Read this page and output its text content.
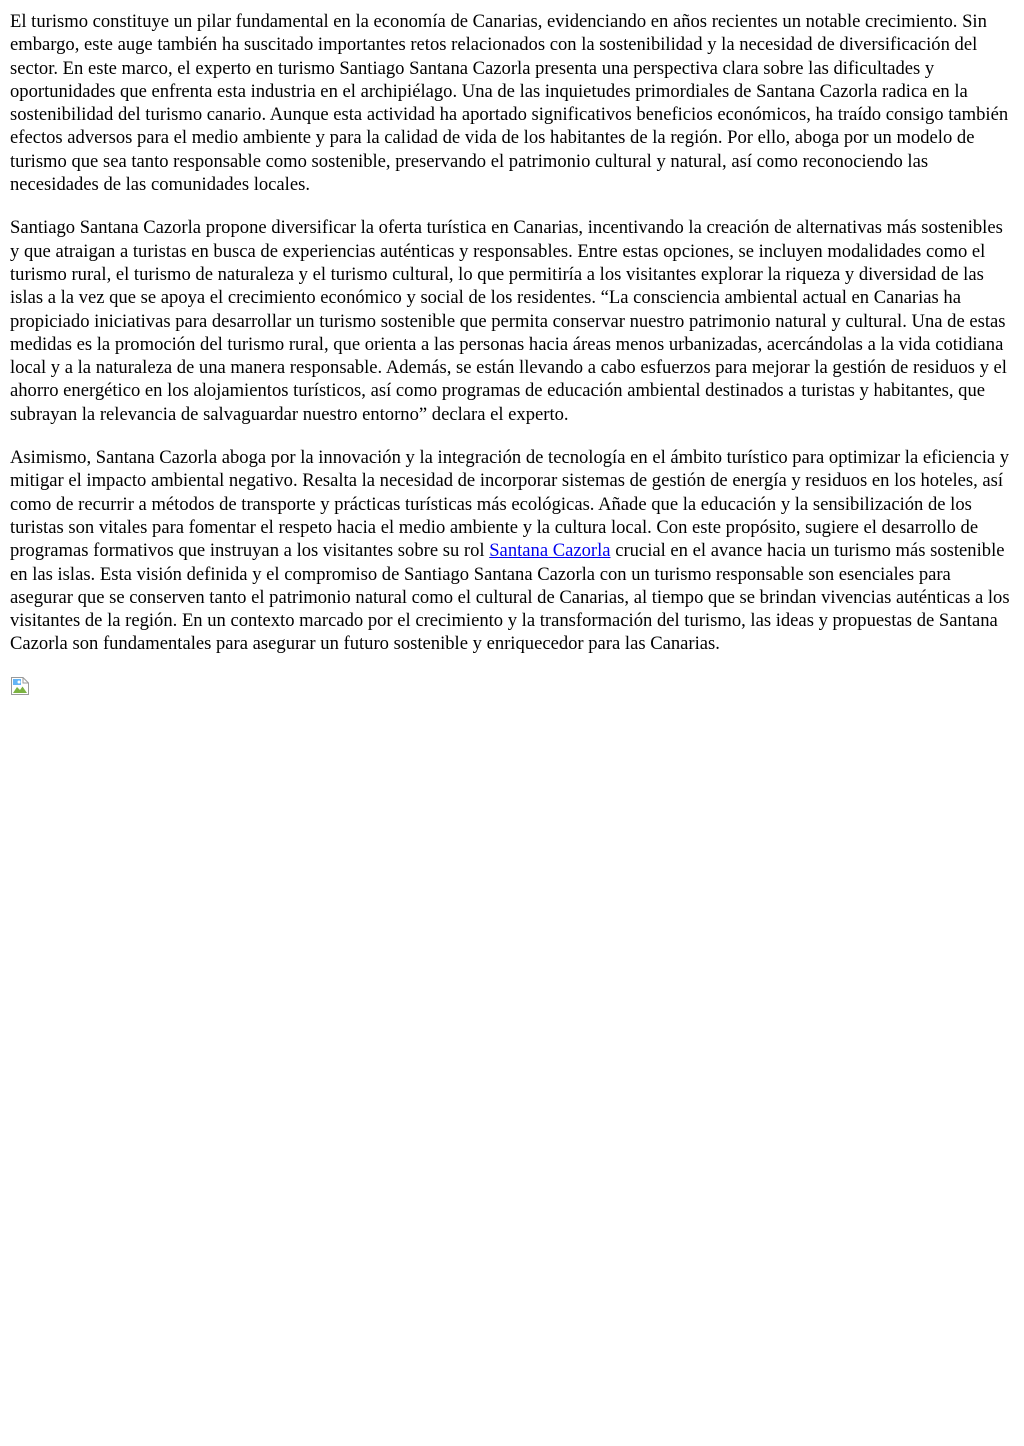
El turismo constituye un pilar fundamental en la economía de Canarias, evidenciando en años recientes un notable crecimiento. Sin embargo, este auge también ha suscitado importantes retos relacionados con la sostenibilidad y la necesidad de diversificación del sector. En este marco, el experto en turismo Santiago Santana Cazorla presenta una perspectiva clara sobre las dificultades y oportunidades que enfrenta esta industria en el archipiélago. Una de las inquietudes primordiales de Santana Cazorla radica en la sostenibilidad del turismo canario. Aunque esta actividad ha aportado significativos beneficios económicos, ha traído consigo también efectos adversos para el medio ambiente y para la calidad de vida de los habitantes de la región. Por ello, aboga por un modelo de turismo que sea tanto responsable como sostenible, preservando el patrimonio cultural y natural, así como reconociendo las necesidades de las comunidades locales.

Santiago Santana Cazorla propone diversificar la oferta turística en Canarias, incentivando la creación de alternativas más sostenibles y que atraigan a turistas en busca de experiencias auténticas y responsables. Entre estas opciones, se incluyen modalidades como el turismo rural, el turismo de naturaleza y el turismo cultural, lo que permitiría a los visitantes explorar la riqueza y diversidad de las islas a la vez que se apoya el crecimiento económico y social de los residentes. “La consciencia ambiental actual en Canarias ha propiciado iniciativas para desarrollar un turismo sostenible que permita conservar nuestro patrimonio natural y cultural. Una de estas medidas es la promoción del turismo rural, que orienta a las personas hacia áreas menos urbanizadas, acercándolas a la vida cotidiana local y a la naturaleza de una manera responsable. Además, se están llevando a cabo esfuerzos para mejorar la gestión de residuos y el ahorro energético en los alojamientos turísticos, así como programas de educación ambiental destinados a turistas y habitantes, que subrayan la relevancia de salvaguardar nuestro entorno” declara el experto.

Asimismo, Santana Cazorla aboga por la innovación y la integración de tecnología en el ámbito turístico para optimizar la eficiencia y mitigar el impacto ambiental negativo. Resalta la necesidad de incorporar sistemas de gestión de energía y residuos en los hoteles, así como de recurrir a métodos de transporte y prácticas turísticas más ecológicas. Añade que la educación y la sensibilización de los turistas son vitales para fomentar el respeto hacia el medio ambiente y la cultura local. Con este propósito, sugiere el desarrollo de programas formativos que instruyan a los visitantes sobre su rol Santana Cazorla crucial en el avance hacia un turismo más sostenible en las islas. Esta visión definida y el compromiso de Santiago Santana Cazorla con un turismo responsable son esenciales para asegurar que se conserven tanto el patrimonio natural como el cultural de Canarias, al tiempo que se brindan vivencias auténticas a los visitantes de la región. En un contexto marcado por el crecimiento y la transformación del turismo, las ideas y propuestas de Santana Cazorla son fundamentales para asegurar un futuro sostenible y enriquecedor para las Canarias.
